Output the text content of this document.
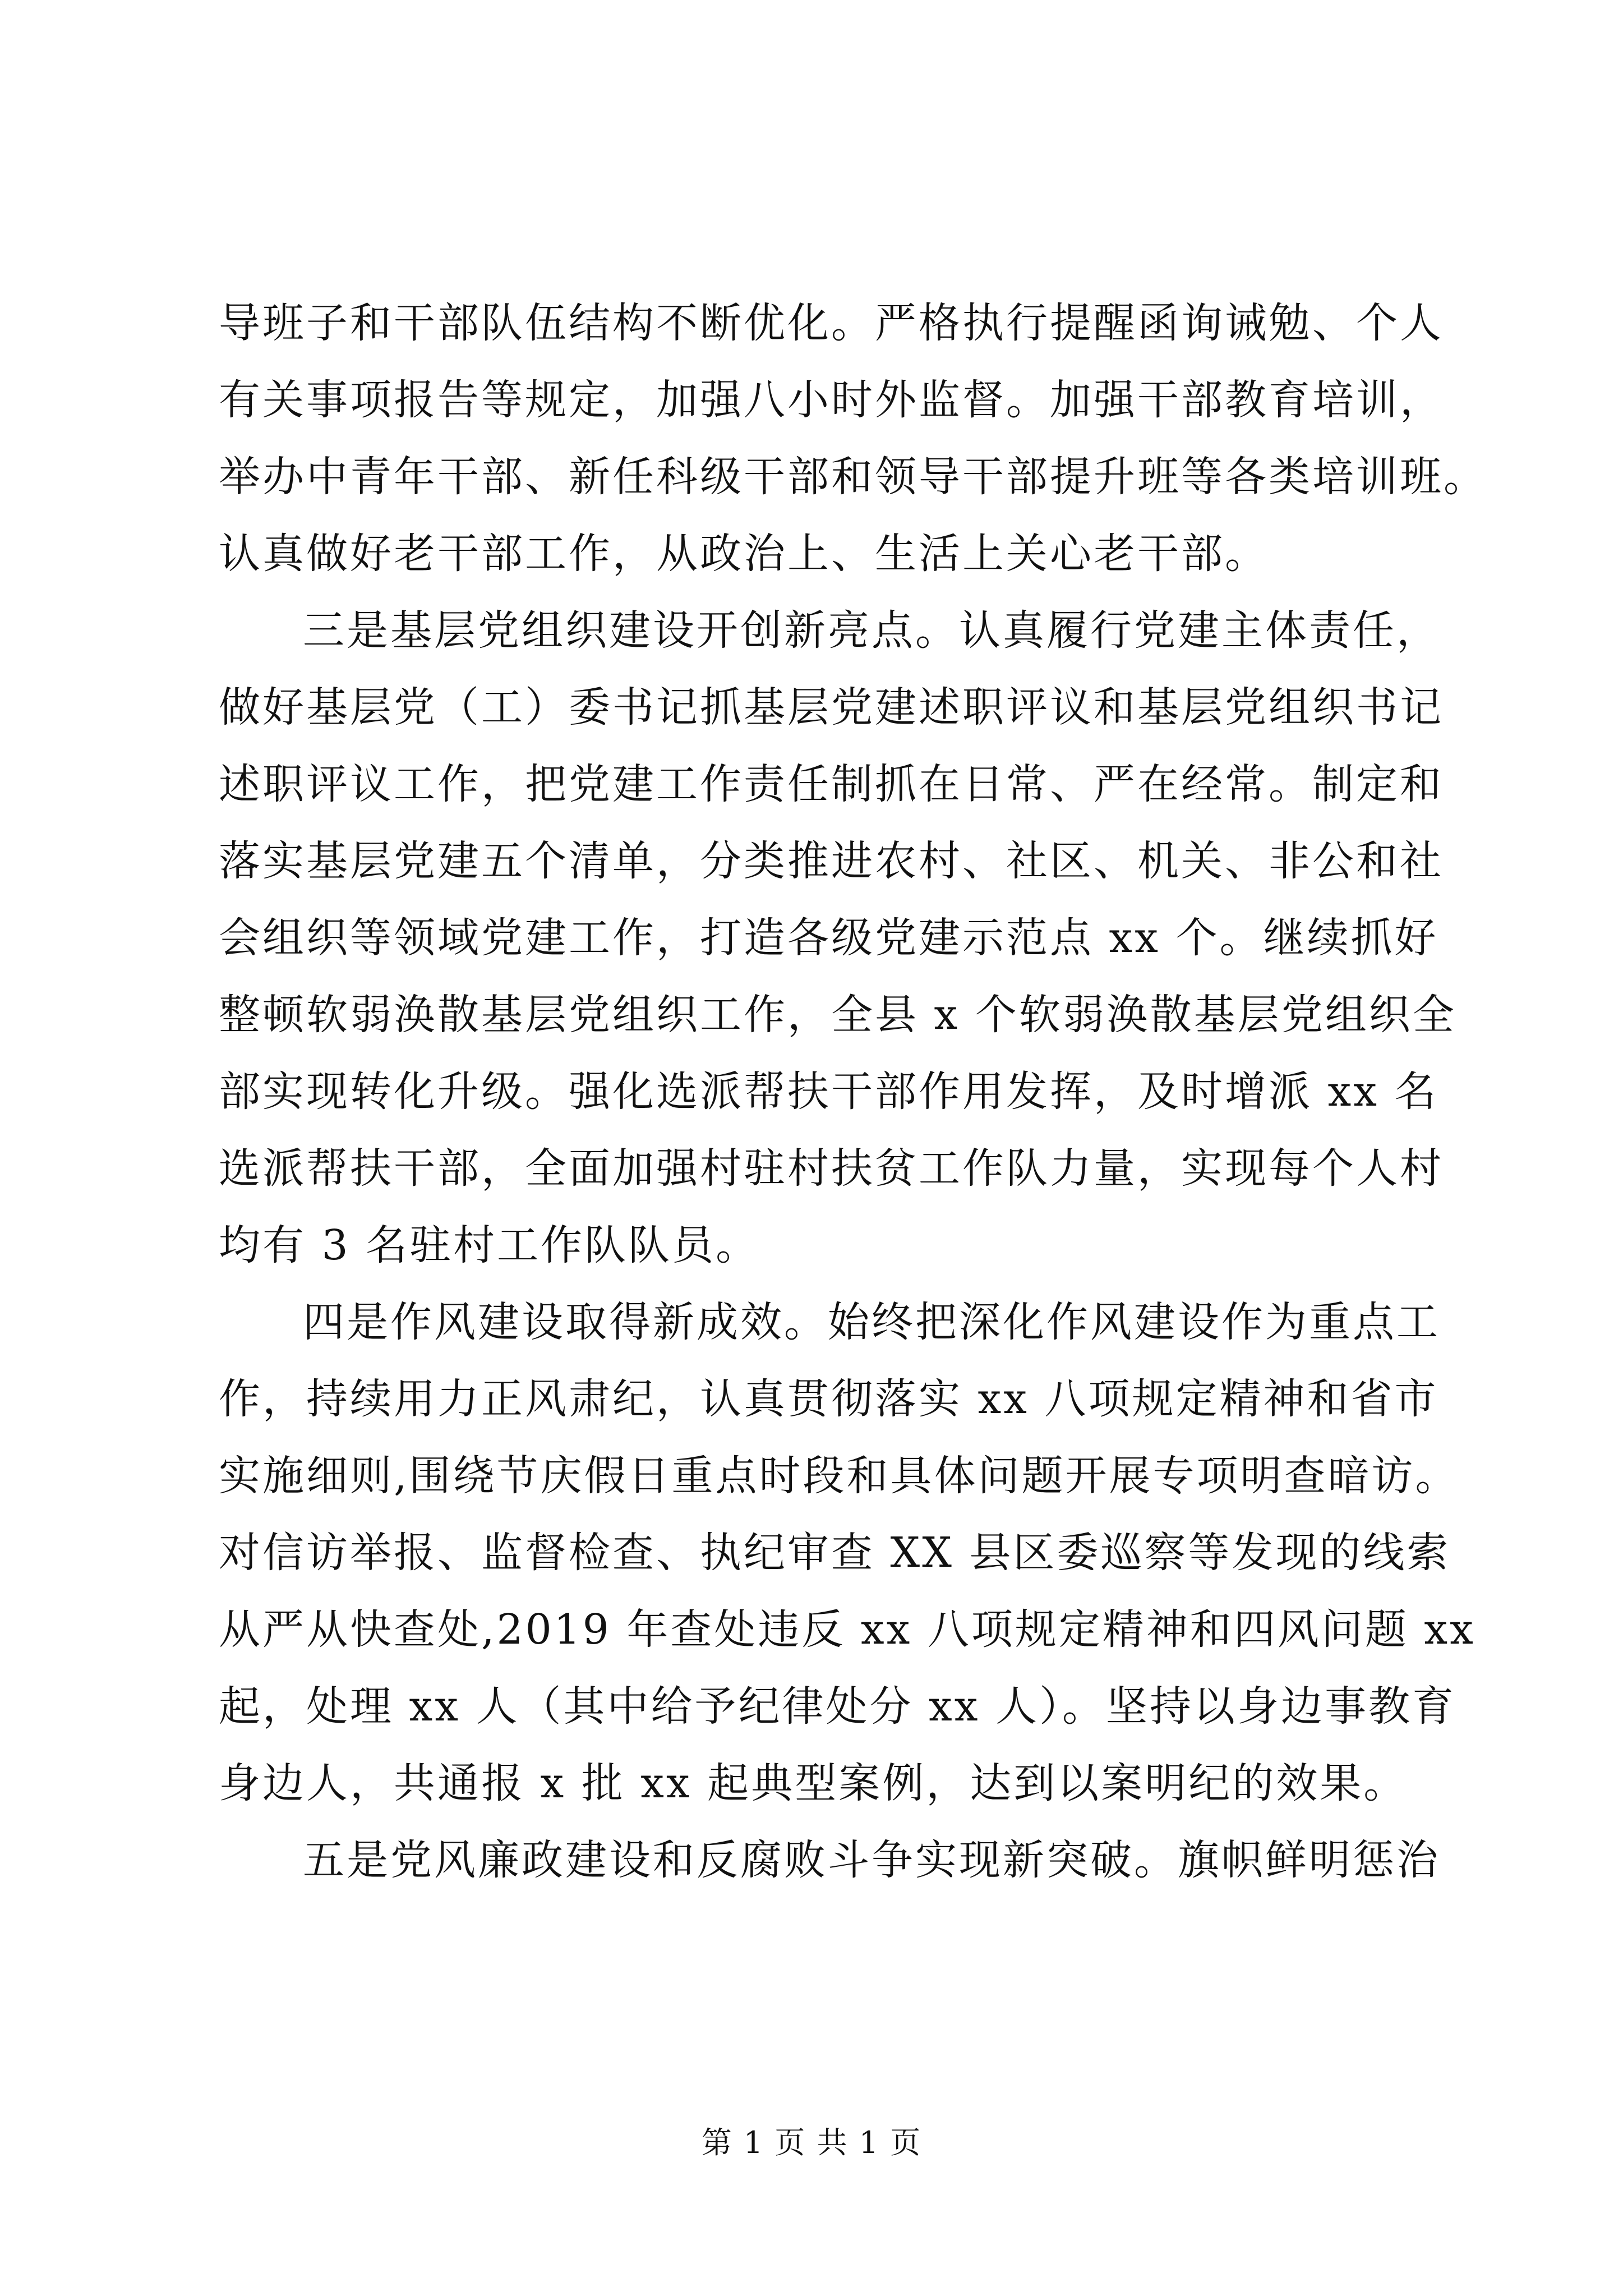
导班子和干部队伍结构不断优化。严格执行提醒函询诫勉、个人
有关事项报告等规定，加强八小时外监督。加强干部教育培训，
举办中青年干部、新任科级干部和领导干部提升班等各类培训班。
认真做好老干部工作，从政治上、生活上关心老干部。
三是基层党组织建设开创新亮点。认真履行党建主体责任，
做好基层党（工）委书记抓基层党建述职评议和基层党组织书记
述职评议工作，把党建工作责任制抓在日常、严在经常。制定和
落实基层党建五个清单，分类推进农村、社区、机关、非公和社
会组织等领域党建工作，打造各级党建示范点 xx 个。继续抓好
整顿软弱涣散基层党组织工作，全县 x 个软弱涣散基层党组织全
部实现转化升级。强化选派帮扶干部作用发挥，及时增派 xx 名
选派帮扶干部，全面加强村驻村扶贫工作队力量，实现每个人村
均有 3 名驻村工作队队员。
四是作风建设取得新成效。始终把深化作风建设作为重点工
作，持续用力正风肃纪，认真贯彻落实 xx 八项规定精神和省市
实施细则,围绕节庆假日重点时段和具体问题开展专项明查暗访。
对信访举报、监督检查、执纪审查 XX 县区委巡察等发现的线索
从严从快查处,2019 年查处违反 xx 八项规定精神和四风问题 xx
起，处理 xx 人（其中给予纪律处分 xx 人）。坚持以身边事教育
身边人，共通报 x 批 xx 起典型案例，达到以案明纪的效果。
五是党风廉政建设和反腐败斗争实现新突破。旗帜鲜明惩治
第 1 页 共 1 页
